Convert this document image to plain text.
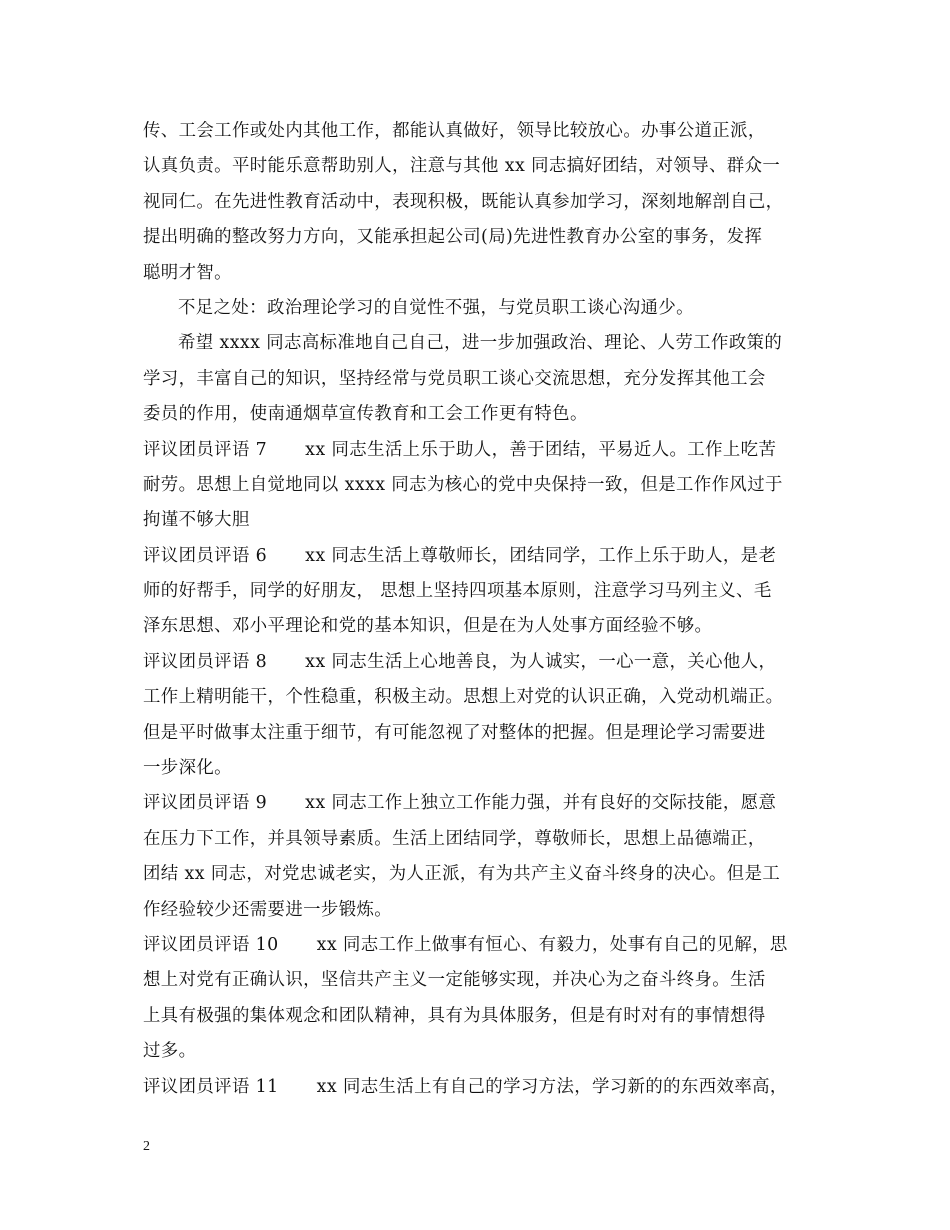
传、工会工作或处内其他工作，都能认真做好，领导比较放心。办事公道正派，
认真负责。平时能乐意帮助别人，注意与其他 xx 同志搞好团结，对领导、群众一
视同仁。在先进性教育活动中，表现积极，既能认真参加学习，深刻地解剖自己，
提出明确的整改努力方向，又能承担起公司(局)先进性教育办公室的事务，发挥
聪明才智。
不足之处：政治理论学习的自觉性不强，与党员职工谈心沟通少。
希望 xxxx 同志高标准地自己自己，进一步加强政治、理论、人劳工作政策的
学习，丰富自己的知识，坚持经常与党员职工谈心交流思想，充分发挥其他工会
委员的作用，使南通烟草宣传教育和工会工作更有特色。
评议团员评语 7 xx 同志生活上乐于助人，善于团结，平易近人。工作上吃苦
耐劳。思想上自觉地同以 xxxx 同志为核心的党中央保持一致，但是工作作风过于
拘谨不够大胆
评议团员评语 6 xx 同志生活上尊敬师长，团结同学，工作上乐于助人，是老
师的好帮手，同学的好朋友， 思想上坚持四项基本原则，注意学习马列主义、毛
泽东思想、邓小平理论和党的基本知识，但是在为人处事方面经验不够。
评议团员评语 8 xx 同志生活上心地善良，为人诚实，一心一意，关心他人，
工作上精明能干，个性稳重，积极主动。思想上对党的认识正确，入党动机端正。
但是平时做事太注重于细节，有可能忽视了对整体的把握。但是理论学习需要进
一步深化。
评议团员评语 9 xx 同志工作上独立工作能力强，并有良好的交际技能，愿意
在压力下工作，并具领导素质。生活上团结同学，尊敬师长，思想上品德端正，
团结 xx 同志，对党忠诚老实，为人正派，有为共产主义奋斗终身的决心。但是工
作经验较少还需要进一步锻炼。
评议团员评语 10 xx 同志工作上做事有恒心、有毅力，处事有自己的见解，思
想上对党有正确认识，坚信共产主义一定能够实现，并决心为之奋斗终身。生活
上具有极强的集体观念和团队精神，具有为具体服务，但是有时对有的事情想得
过多。
评议团员评语 11 xx 同志生活上有自己的学习方法，学习新的的东西效率高，
2
